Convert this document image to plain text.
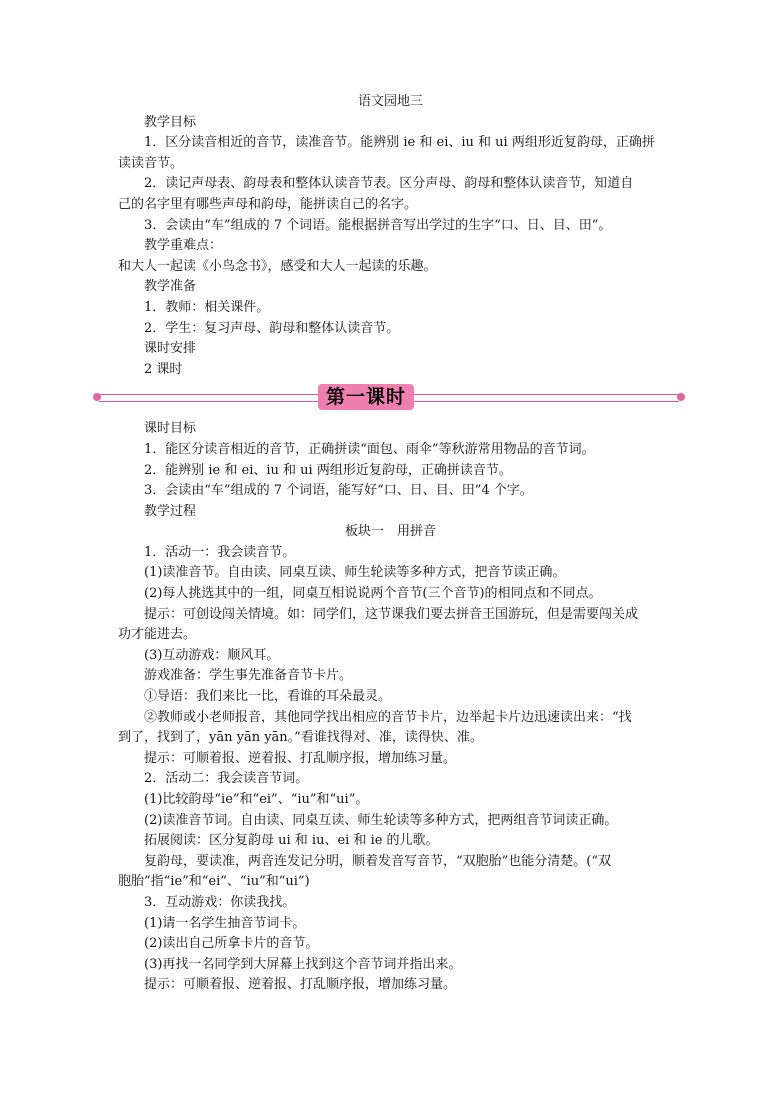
语文园地三
教学目标
1．区分读音相近的音节，读准音节。能辨别 ie 和 ei、iu 和 ui 两组形近复韵母，正确拼
读读音节。
2．读记声母表、韵母表和整体认读音节表。区分声母、韵母和整体认读音节，知道自
己的名字里有哪些声母和韵母，能拼读自己的名字。
3．会读由“车”组成的 7 个词语。能根据拼音写出学过的生字“口、日、目、田”。
教学重难点：
和大人一起读《小鸟念书》，感受和大人一起读的乐趣。
教学准备
1．教师：相关课件。
2．学生：复习声母、韵母和整体认读音节。
课时安排
2 课时
第一课时
课时目标
1．能区分读音相近的音节，正确拼读“面包、雨伞”等秋游常用物品的音节词。
2．能辨别 ie 和 ei、iu 和 ui 两组形近复韵母，正确拼读音节。
3．会读由“车”组成的 7 个词语，能写好“口、日、目、田”4 个字。
教学过程
板块一　用拼音
1．活动一：我会读音节。
(1)读准音节。自由读、同桌互读、师生轮读等多种方式，把音节读正确。
(2)每人挑选其中的一组，同桌互相说说两个音节(三个音节)的相同点和不同点。
提示：可创设闯关情境。如：同学们，这节课我们要去拼音王国游玩，但是需要闯关成
功才能进去。
(3)互动游戏：顺风耳。
游戏准备：学生事先准备音节卡片。
①导语：我们来比一比，看谁的耳朵最灵。
②教师或小老师报音，其他同学找出相应的音节卡片，边举起卡片边迅速读出来：“找
到了，找到了，yān yān yān。”看谁找得对、准，读得快、准。
提示：可顺着报、逆着报、打乱顺序报，增加练习量。
2．活动二：我会读音节词。
(1)比较韵母“ie”和“ei”、“iu”和“ui”。
(2)读准音节词。自由读、同桌互读、师生轮读等多种方式，把两组音节词读正确。
拓展阅读：区分复韵母 ui 和 iu、ei 和 ie 的儿歌。
复韵母，要读准，两音连发记分明，顺着发音写音节，“双胞胎”也能分清楚。(“双
胞胎”指“ie”和“ei”、“iu”和“ui”)
3．互动游戏：你读我找。
(1)请一名学生抽音节词卡。
(2)读出自己所拿卡片的音节。
(3)再找一名同学到大屏幕上找到这个音节词并指出来。
提示：可顺着报、逆着报、打乱顺序报，增加练习量。
